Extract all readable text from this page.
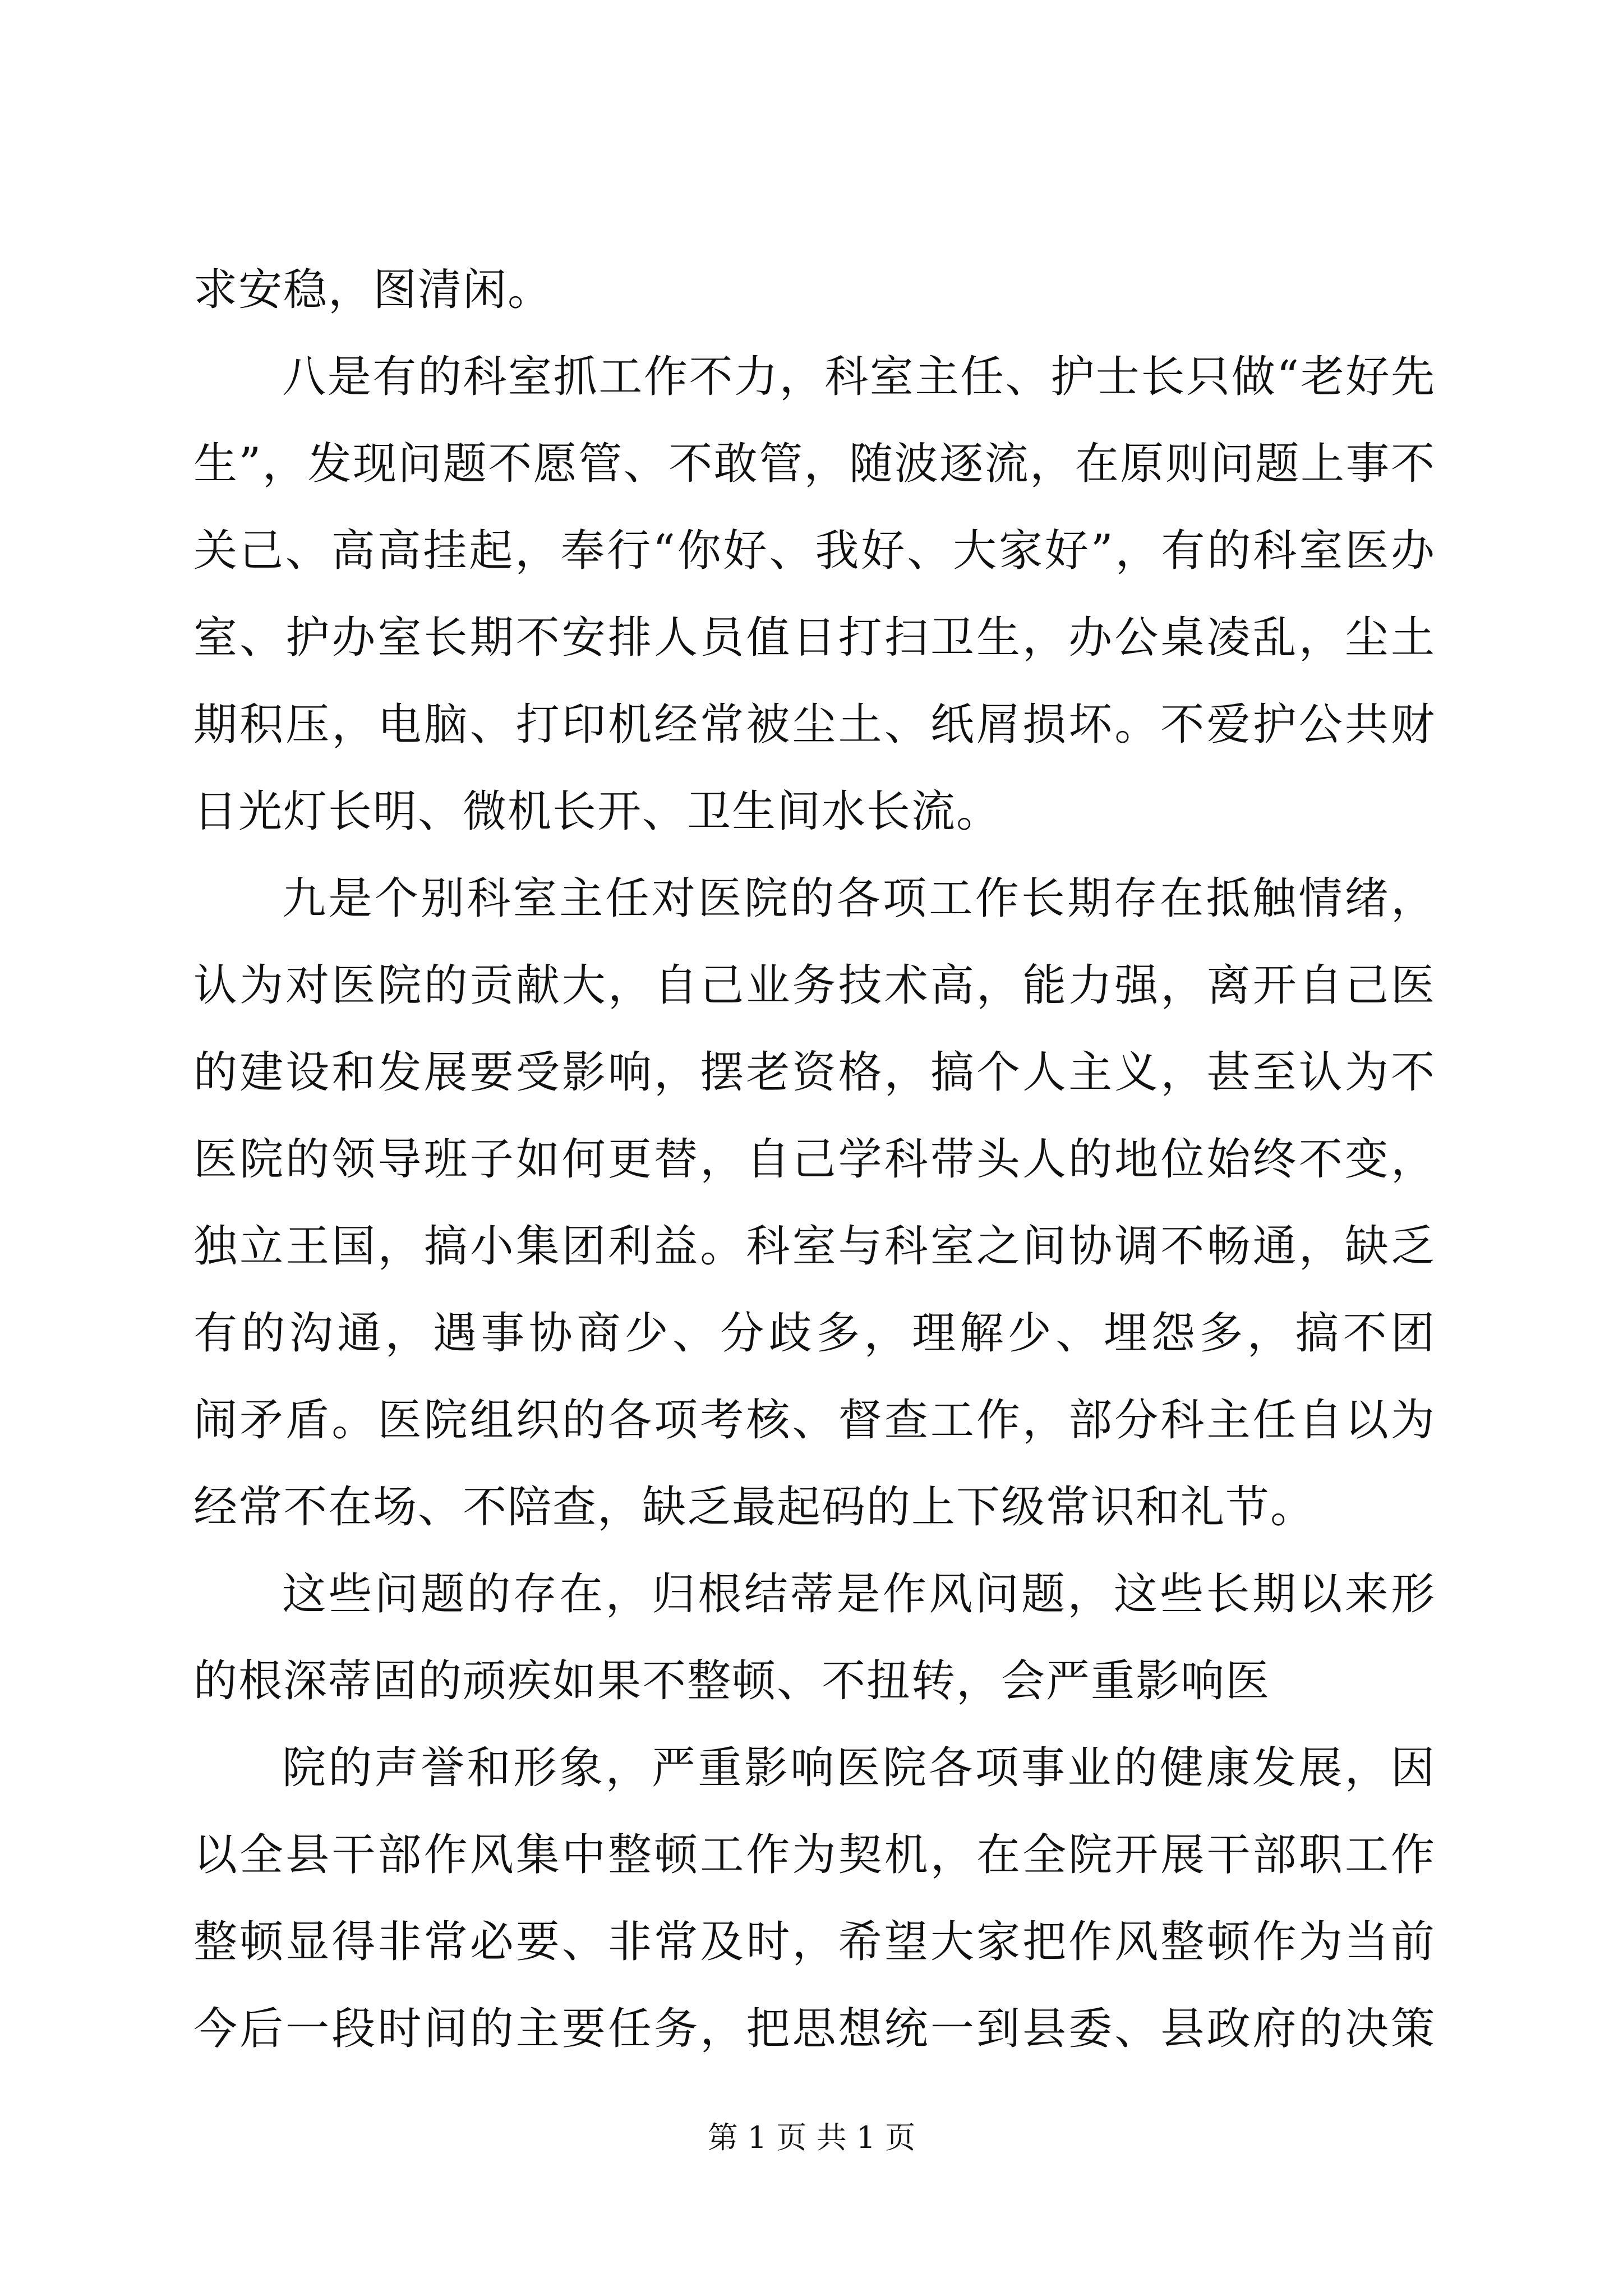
求安稳，图清闲。
八是有的科室抓工作不力，科室主任、护士长只做“老好先
生”，发现问题不愿管、不敢管，随波逐流，在原则问题上事不
关己、高高挂起，奉行“你好、我好、大家好”，有的科室医办
室、护办室长期不安排人员值日打扫卫生，办公桌凌乱，尘土
期积压，电脑、打印机经常被尘土、纸屑损坏。不爱护公共财
日光灯长明、微机长开、卫生间水长流。
九是个别科室主任对医院的各项工作长期存在抵触情绪，
认为对医院的贡献大，自己业务技术高，能力强，离开自己医
的建设和发展要受影响，摆老资格，搞个人主义，甚至认为不
医院的领导班子如何更替，自己学科带头人的地位始终不变，
独立王国，搞小集团利益。科室与科室之间协调不畅通，缺乏
有的沟通，遇事协商少、分歧多，理解少、埋怨多，搞不团
闹矛盾。医院组织的各项考核、督查工作，部分科主任自以为
经常不在场、不陪查，缺乏最起码的上下级常识和礼节。
这些问题的存在，归根结蒂是作风问题，这些长期以来形
的根深蒂固的顽疾如果不整顿、不扭转，会严重影响医
院的声誉和形象，严重影响医院各项事业的健康发展，因
以全县干部作风集中整顿工作为契机，在全院开展干部职工作
整顿显得非常必要、非常及时，希望大家把作风整顿作为当前
今后一段时间的主要任务，把思想统一到县委、县政府的决策
第 1 页 共 1 页
